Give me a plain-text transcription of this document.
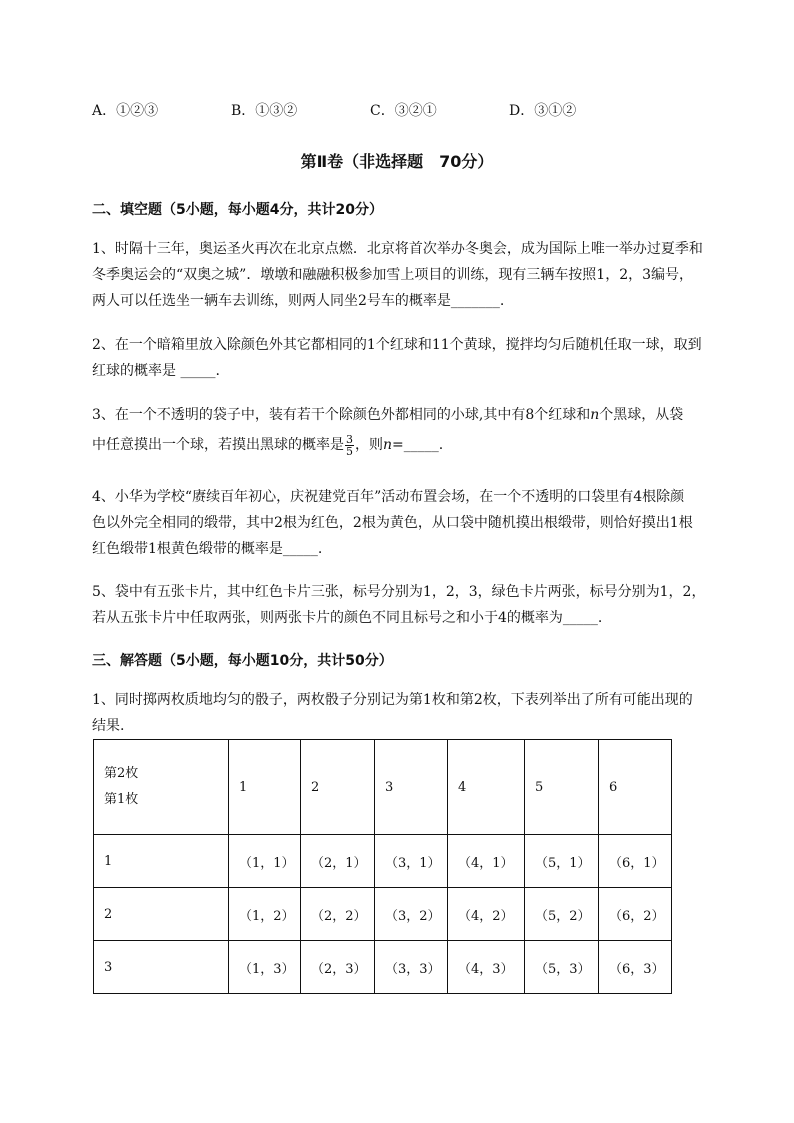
A．①②③	B．①③②	C．③②①	D．③①②
第Ⅱ卷（非选择题　70分）
二、填空题（5小题，每小题4分，共计20分）
1、时隔十三年，奥运圣火再次在北京点燃．北京将首次举办冬奥会，成为国际上唯一举办过夏季和
冬季奥运会的“双奥之城”．墩墩和融融积极参加雪上项目的训练，现有三辆车按照1，2，3编号，
两人可以任选坐一辆车去训练，则两人同坐2号车的概率是_______.
2、在一个暗箱里放入除颜色外其它都相同的1个红球和11个黄球，搅拌均匀后随机任取一球，取到
红球的概率是 _____.
3、在一个不透明的袋子中，装有若干个除颜色外都相同的小球,其中有8个红球和n个黑球，从袋
中任意摸出一个球，若摸出黑球的概率是 $\frac{3}{5}$ ，则n=_____.
4、小华为学校“赓续百年初心，庆祝建党百年”活动布置会场，在一个不透明的口袋里有4根除颜
色以外完全相同的缎带，其中2根为红色，2根为黄色，从口袋中随机摸出根缎带，则恰好摸出1根
红色缎带1根黄色缎带的概率是_____.
5、袋中有五张卡片，其中红色卡片三张，标号分别为1，2，3，绿色卡片两张，标号分别为1，2，
若从五张卡片中任取两张，则两张卡片的颜色不同且标号之和小于4的概率为_____.
三、解答题（5小题，每小题10分，共计50分）
1、同时掷两枚质地均匀的骰子，两枚骰子分别记为第1枚和第2枚，下表列举出了所有可能出现的
结果.
第2枚
第1枚	1	2	3	4	5	6
1	（1，1）	（2，1）	（3，1）	（4，1）	（5，1）	（6，1）
2	（1，2）	（2，2）	（3，2）	（4，2）	（5，2）	（6，2）
3	（1，3）	（2，3）	（3，3）	（4，3）	（5，3）	（6，3）
